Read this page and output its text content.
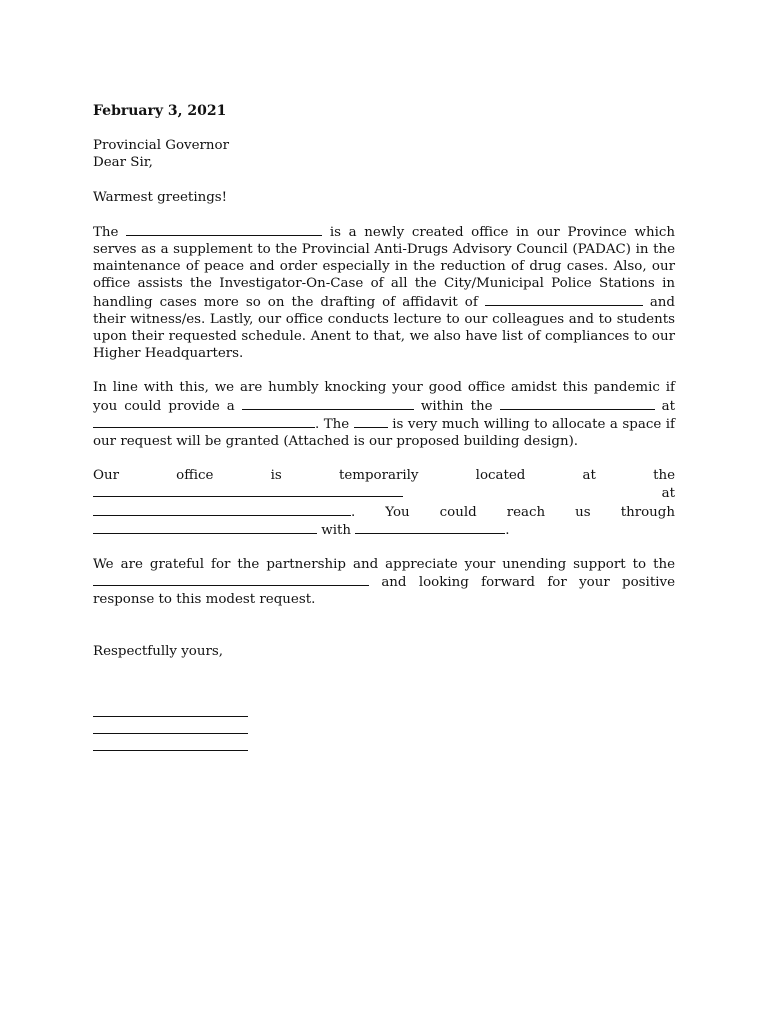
February 3, 2021

Provincial Governor

Dear Sir,

Warmest greetings!

The	is a newly created office in our Province which serves as a supplement to the Provincial Anti-Drugs Advisory Council (PADAC) in the maintenance of peace and order especially in the reduction of drug cases. Also, our office assists the Investigator-On-Case of all the City/Municipal Police Stations in handling cases more so on the drafting of affidavit of	and their witness/es. Lastly, our office conducts lecture to our colleagues and to students upon their requested schedule. Anent to that, we also have list of compliances to our Higher Headquarters.

In line with this, we are humbly knocking your good office amidst this pandemic if you could provide a	within the	at . The	is very much willing to allocate a space if our request will be granted (Attached is our proposed building design).

Our	office	is	temporarily	located	at	the
at
. You could reach us through
with	.

We are grateful for the partnership and appreciate your unending support to the  and looking forward for your positive response to this modest request.

Respectfully yours,
